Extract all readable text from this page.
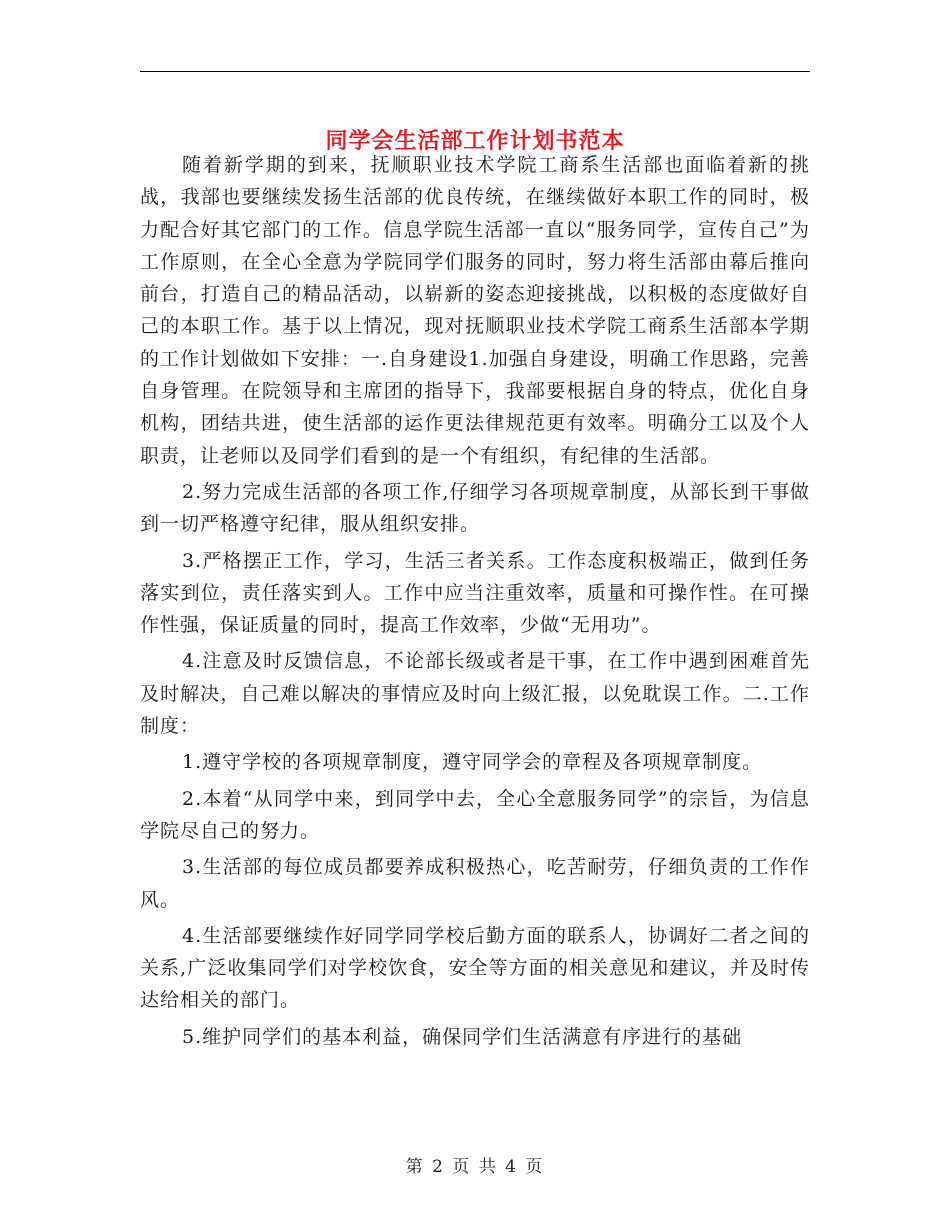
同学会生活部工作计划书范本

随着新学期的到来，抚顺职业技术学院工商系生活部也面临着新的挑战，我部也要继续发扬生活部的优良传统，在继续做好本职工作的同时，极力配合好其它部门的工作。信息学院生活部一直以“服务同学，宣传自己”为工作原则，在全心全意为学院同学们服务的同时，努力将生活部由幕后推向前台，打造自己的精品活动，以崭新的姿态迎接挑战，以积极的态度做好自己的本职工作。基于以上情况，现对抚顺职业技术学院工商系生活部本学期的工作计划做如下安排：一.自身建设1.加强自身建设，明确工作思路，完善自身管理。在院领导和主席团的指导下，我部要根据自身的特点，优化自身机构，团结共进，使生活部的运作更法律规范更有效率。明确分工以及个人职责，让老师以及同学们看到的是一个有组织，有纪律的生活部。

2.努力完成生活部的各项工作,仔细学习各项规章制度，从部长到干事做到一切严格遵守纪律，服从组织安排。

3.严格摆正工作，学习，生活三者关系。工作态度积极端正，做到任务落实到位，责任落实到人。工作中应当注重效率，质量和可操作性。在可操作性强，保证质量的同时，提高工作效率，少做“无用功”。

4.注意及时反馈信息，不论部长级或者是干事，在工作中遇到困难首先及时解决，自己难以解决的事情应及时向上级汇报，以免耽误工作。二.工作制度：

1.遵守学校的各项规章制度，遵守同学会的章程及各项规章制度。

2.本着“从同学中来，到同学中去，全心全意服务同学”的宗旨，为信息学院尽自己的努力。

3.生活部的每位成员都要养成积极热心，吃苦耐劳，仔细负责的工作作风。

4.生活部要继续作好同学同学校后勤方面的联系人，协调好二者之间的关系,广泛收集同学们对学校饮食，安全等方面的相关意见和建议，并及时传达给相关的部门。

5.维护同学们的基本利益，确保同学们生活满意有序进行的基础

第 2 页 共 4 页
